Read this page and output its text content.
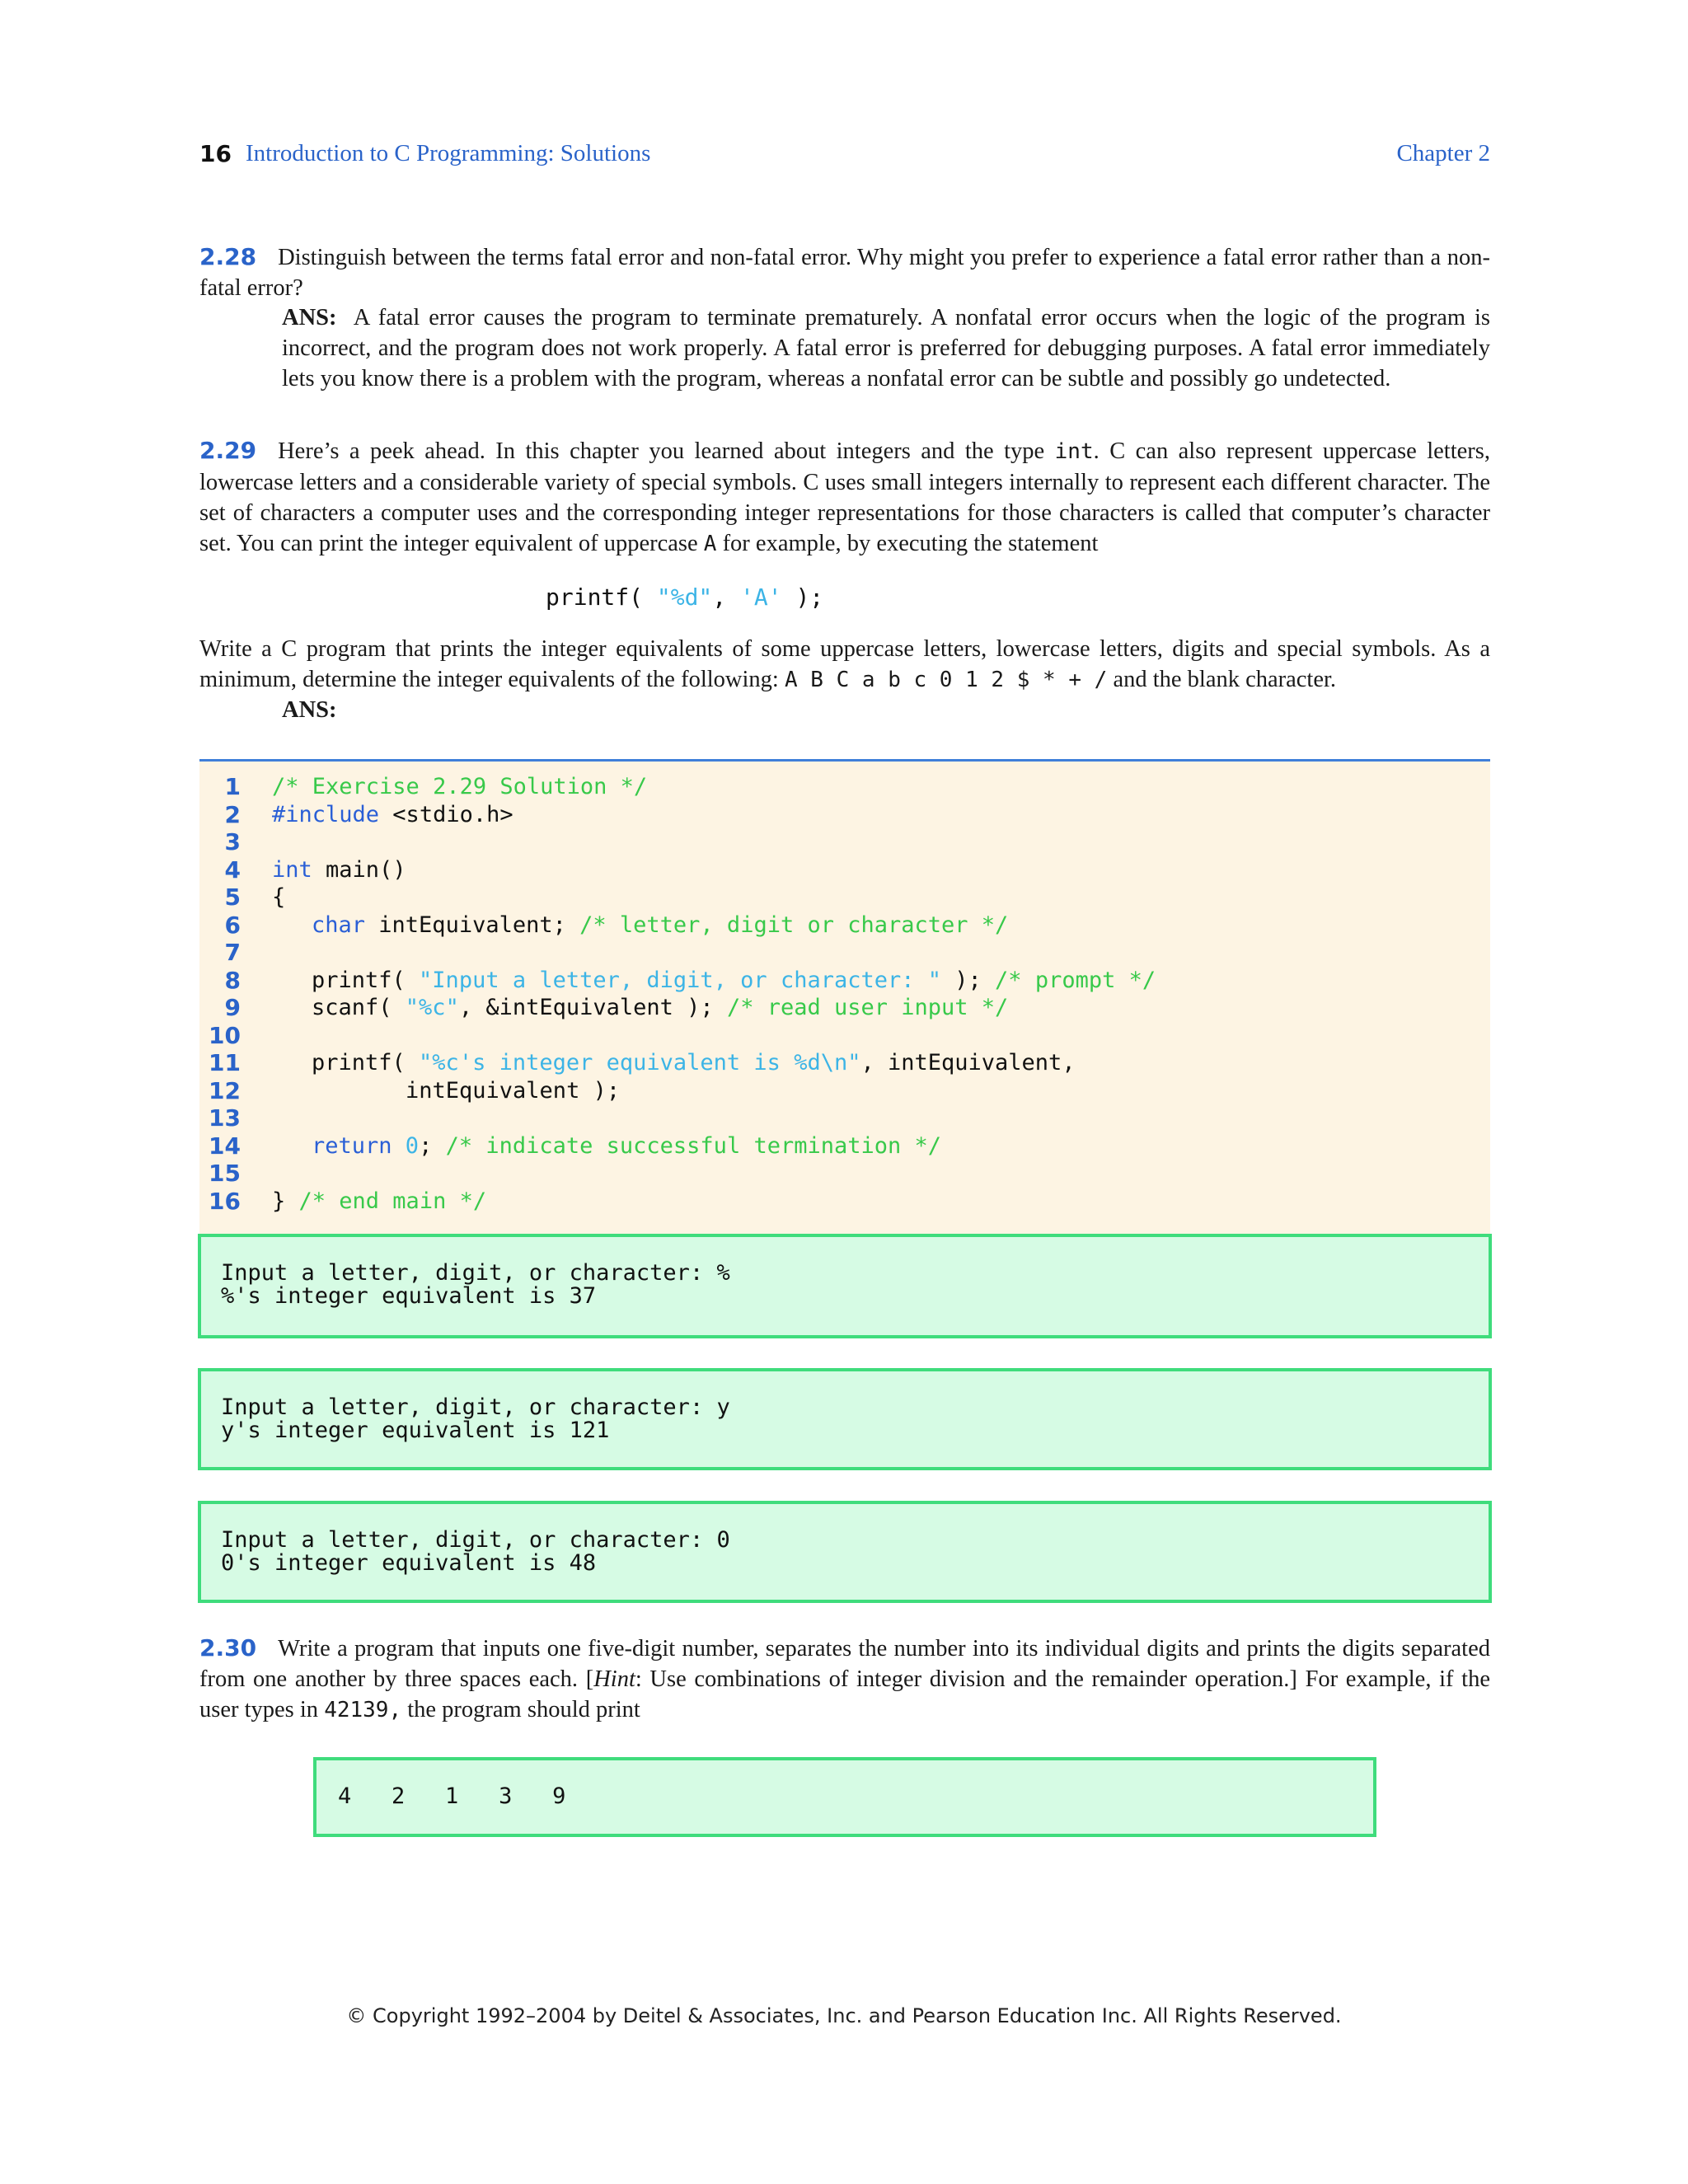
16 Introduction to C Programming: Solutions	Chapter 2
2.28 Distinguish between the terms fatal error and non-fatal error. Why might you prefer to experience a fatal error rather than a non-fatal error?
ANS: A fatal error causes the program to terminate prematurely. A nonfatal error occurs when the logic of the program is incorrect, and the program does not work properly. A fatal error is preferred for debugging purposes. A fatal error immediately lets you know there is a problem with the program, whereas a nonfatal error can be subtle and possibly go undetected.
2.29 Here’s a peek ahead. In this chapter you learned about integers and the type int. C can also represent uppercase letters, lowercase letters and a considerable variety of special symbols. C uses small integers internally to represent each different character. The set of characters a computer uses and the corresponding integer representations for those characters is called that computer’s character set. You can print the integer equivalent of uppercase A for example, by executing the statement
printf( "%d", 'A' );
Write a C program that prints the integer equivalents of some uppercase letters, lowercase letters, digits and special symbols. As a minimum, determine the integer equivalents of the following: A B C a b c 0 1 2 $ * + / and the blank character.
ANS:
1 /* Exercise 2.29 Solution */
2 #include <stdio.h>
3
4 int main()
5 {
6	char intEquivalent; /* letter, digit or character */
7
8	printf( "Input a letter, digit, or character: " ); /* prompt */
9	scanf( "%c", &intEquivalent ); /* read user input */
10
11	printf( "%c's integer equivalent is %d\n", intEquivalent,
12	intEquivalent );
13
14	return 0; /* indicate successful termination */
15
16 } /* end main */

Input a letter, digit, or character: %

%'s integer equivalent is 37

Input a letter, digit, or character: y

y's integer equivalent is 121

Input a letter, digit, or character: 0

0's integer equivalent is 48

2.30 Write a program that inputs one five-digit number, separates the number into its individual digits and prints the digits separated from one another by three spaces each. [Hint: Use combinations of integer division and the remainder operation.] For example, if the user types in 42139, the program should print

4   2   1   3   9

© Copyright 1992–2004 by Deitel & Associates, Inc. and Pearson Education Inc. All Rights Reserved.
